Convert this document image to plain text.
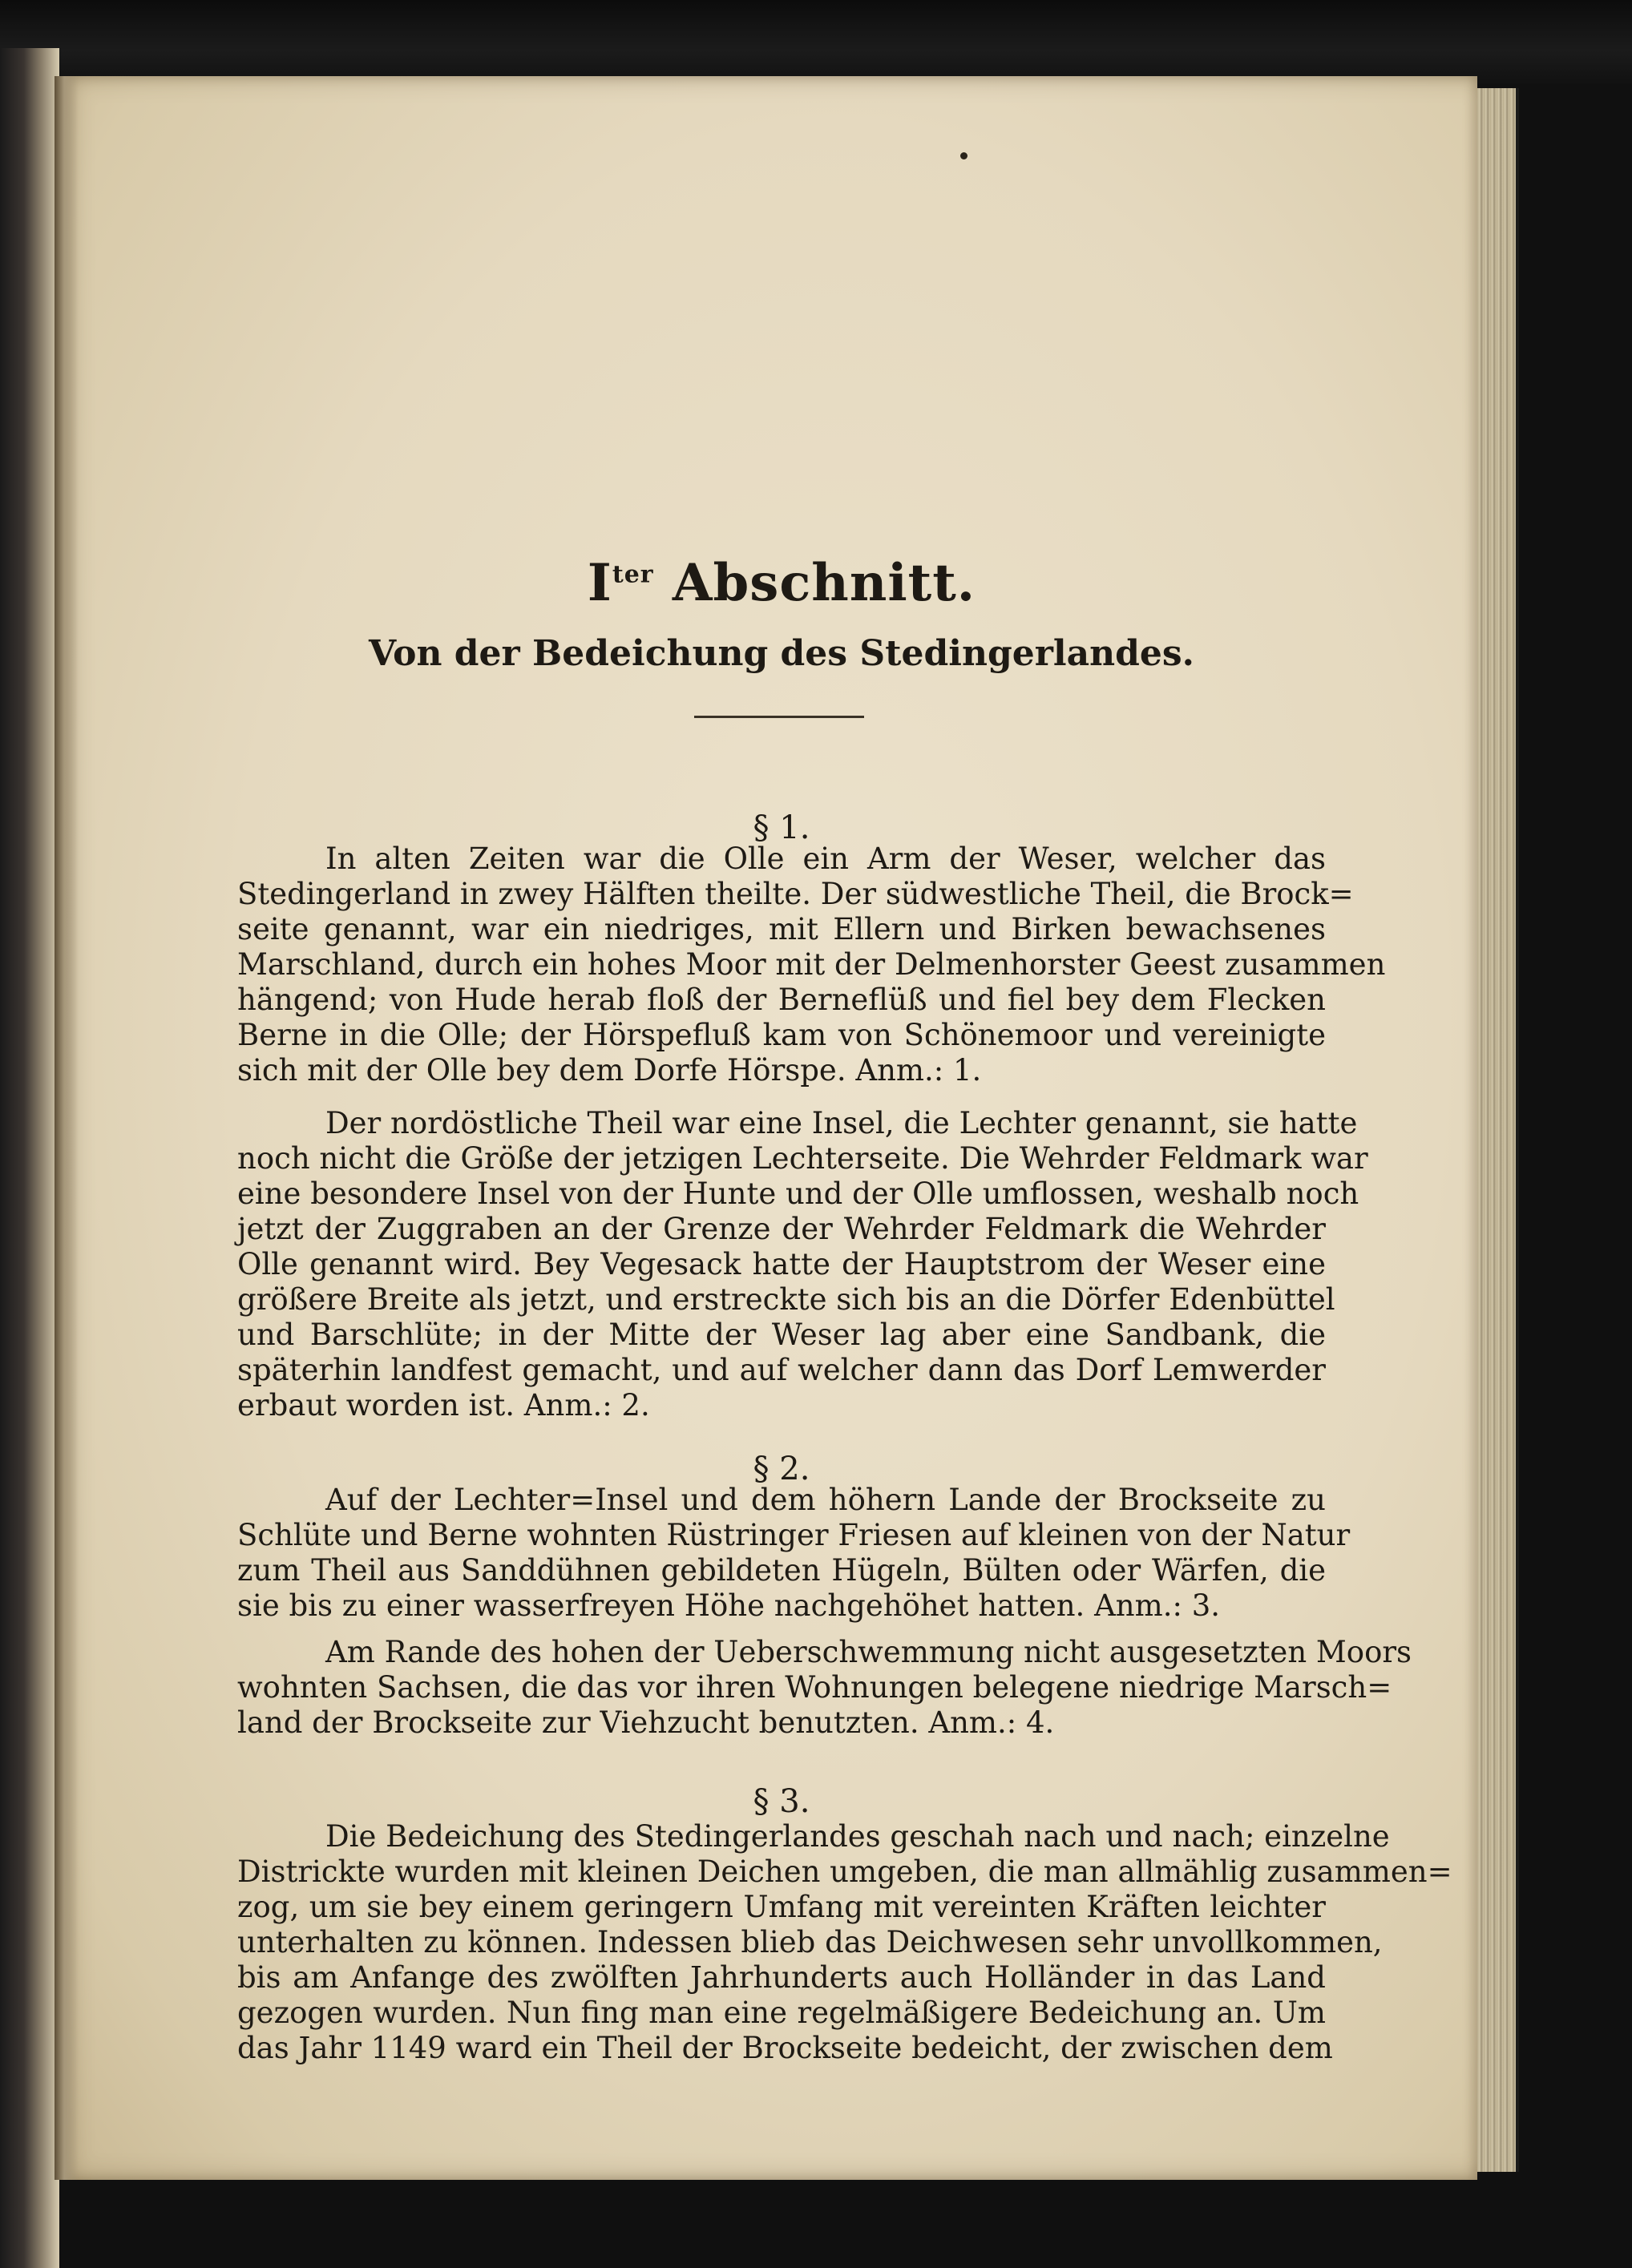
$I^{ter}$ Abschnitt.
Von der Bedeichung des Stedingerlandes.
§ 1.
In alten Zeiten war die Olle ein Arm der Weser, welcher das
Stedingerland in zwey Hälften theilte. Der südwestliche Theil, die Brock=
seite genannt, war ein niedriges, mit Ellern und Birken bewachsenes
Marschland, durch ein hohes Moor mit der Delmenhorster Geest zusammen
hängend; von Hude herab floß der Berneflüß und fiel bey dem Flecken
Berne in die Olle; der Hörspefluß kam von Schönemoor und vereinigte
sich mit der Olle bey dem Dorfe Hörspe. Anm.: 1.
Der nordöstliche Theil war eine Insel, die Lechter genannt, sie hatte
noch nicht die Größe der jetzigen Lechterseite. Die Wehrder Feldmark war
eine besondere Insel von der Hunte und der Olle umflossen, weshalb noch
jetzt der Zuggraben an der Grenze der Wehrder Feldmark die Wehrder
Olle genannt wird. Bey Vegesack hatte der Hauptstrom der Weser eine
größere Breite als jetzt, und erstreckte sich bis an die Dörfer Edenbüttel
und Barschlüte; in der Mitte der Weser lag aber eine Sandbank, die
späterhin landfest gemacht, und auf welcher dann das Dorf Lemwerder
erbaut worden ist. Anm.: 2.
§ 2.
Auf der Lechter=Insel und dem höhern Lande der Brockseite zu
Schlüte und Berne wohnten Rüstringer Friesen auf kleinen von der Natur
zum Theil aus Sanddühnen gebildeten Hügeln, Bülten oder Wärfen, die
sie bis zu einer wasserfreyen Höhe nachgehöhet hatten. Anm.: 3.
Am Rande des hohen der Ueberschwemmung nicht ausgesetzten Moors
wohnten Sachsen, die das vor ihren Wohnungen belegene niedrige Marsch=
land der Brockseite zur Viehzucht benutzten. Anm.: 4.
§ 3.
Die Bedeichung des Stedingerlandes geschah nach und nach; einzelne
Districkte wurden mit kleinen Deichen umgeben, die man allmählig zusammen=
zog, um sie bey einem geringern Umfang mit vereinten Kräften leichter
unterhalten zu können. Indessen blieb das Deichwesen sehr unvollkommen,
bis am Anfange des zwölften Jahrhunderts auch Holländer in das Land
gezogen wurden. Nun fing man eine regelmäßigere Bedeichung an. Um
das Jahr 1149 ward ein Theil der Brockseite bedeicht, der zwischen dem
